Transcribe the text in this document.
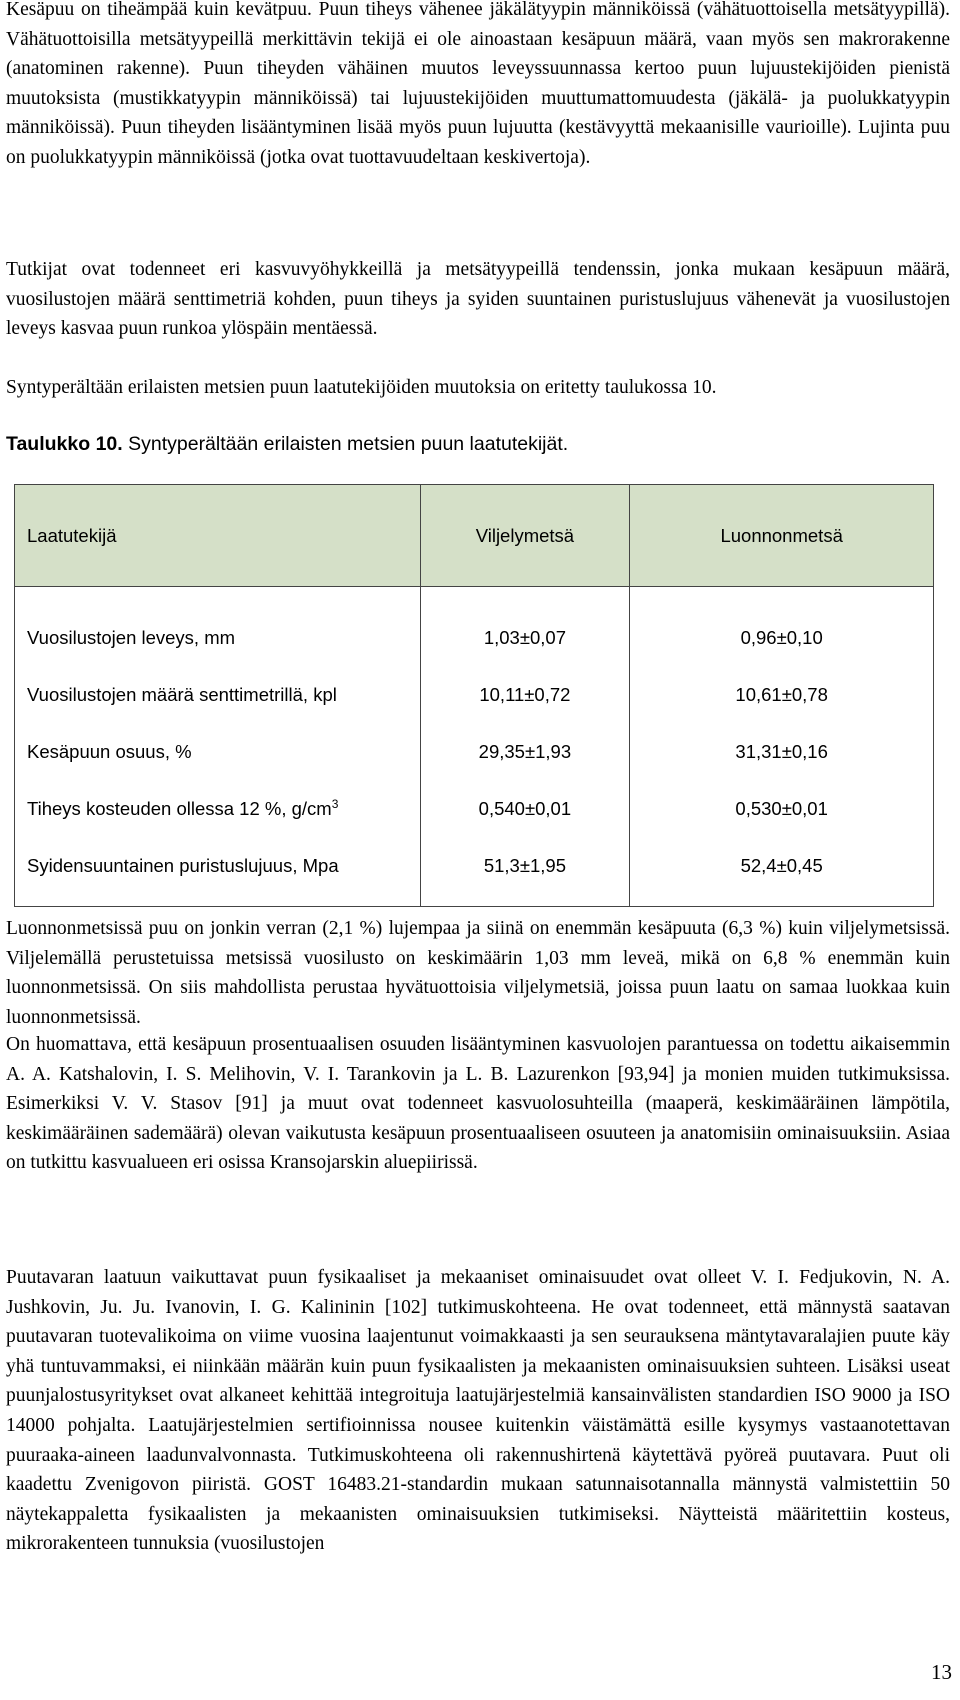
Kesäpuu on tiheämpää kuin kevätpuu. Puun tiheys vähenee jäkälätyypin männiköissä (vähätuottoisella metsätyypillä). Vähätuottoisilla metsätyypeillä merkittävin tekijä ei ole ainoastaan kesäpuun määrä, vaan myös sen makrorakenne (anatominen rakenne). Puun tiheyden vähäinen muutos leveyssuunnassa kertoo puun lujuustekijöiden pienistä muutoksista (mustikkatyypin männiköissä) tai lujuustekijöiden muuttumattomuudesta (jäkälä- ja puolukkatyypin männiköissä). Puun tiheyden lisääntyminen lisää myös puun lujuutta (kestävyyttä mekaanisille vaurioille). Lujinta puu on puolukkatyypin männiköissä (jotka ovat tuottavuudeltaan keskivertoja).

Tutkijat ovat todenneet eri kasvuvyöhykkeillä ja metsätyypeillä tendenssin, jonka mukaan kesäpuun määrä, vuosilustojen määrä senttimetriä kohden, puun tiheys ja syiden suuntainen puristuslujuus vähenevät ja vuosilustojen leveys kasvaa puun runkoa ylöspäin mentäessä.

Syntyperältään erilaisten metsien puun laatutekijöiden muutoksia on eritetty taulukossa 10.

Taulukko 10. Syntyperältään erilaisten metsien puun laatutekijät.
Laatutekijä	Viljelymetsä	Luonnonmetsä
Vuosilustojen leveys, mm	1,03±0,07	0,96±0,10
Vuosilustojen määrä senttimetrillä, kpl	10,11±0,72	10,61±0,78
Kesäpuun osuus, %	29,35±1,93	31,31±0,16
Tiheys kosteuden ollessa 12 %, $g/cm^3$	0,540±0,01	0,530±0,01
Syidensuuntainen puristuslujuus, Mpa	51,3±1,95	52,4±0,45

Luonnonmetsissä puu on jonkin verran (2,1 %) lujempaa ja siinä on enemmän kesäpuuta (6,3 %) kuin viljelymetsissä. Viljelemällä perustetuissa metsissä vuosilusto on keskimäärin 1,03 mm leveä, mikä on 6,8 % enemmän kuin luonnonmetsissä. On siis mahdollista perustaa hyvätuottoisia viljelymetsiä, joissa puun laatu on samaa luokkaa kuin luonnonmetsissä.

On huomattava, että kesäpuun prosentuaalisen osuuden lisääntyminen kasvuolojen parantuessa on todettu aikaisemmin A. A. Katshalovin, I. S. Melihovin, V. I. Tarankovin ja L. B. Lazurenkon [93,94] ja monien muiden tutkimuksissa. Esimerkiksi V. V. Stasov [91] ja muut ovat todenneet kasvuolosuhteilla (maaperä, keskimääräinen lämpötila, keskimääräinen sademäärä) olevan vaikutusta kesäpuun prosentuaaliseen osuuteen ja anatomisiin ominaisuuksiin. Asiaa on tutkittu kasvualueen eri osissa Kransojarskin aluepiirissä.

Puutavaran laatuun vaikuttavat puun fysikaaliset ja mekaaniset ominaisuudet ovat olleet V. I. Fedjukovin, N. A. Jushkovin, Ju. Ju. Ivanovin, I. G. Kalininin [102] tutkimuskohteena. He ovat todenneet, että männystä saatavan puutavaran tuotevalikoima on viime vuosina laajentunut voimakkaasti ja sen seurauksena mäntytavaralajien puute käy yhä tuntuvammaksi, ei niinkään määrän kuin puun fysikaalisten ja mekaanisten ominaisuuksien suhteen. Lisäksi useat puunjalostusyritykset ovat alkaneet kehittää integroituja laatujärjestelmiä kansainvälisten standardien ISO 9000 ja ISO 14000 pohjalta. Laatujärjestelmien sertifioinnissa nousee kuitenkin väistämättä esille kysymys vastaanotettavan puuraaka-aineen laadunvalvonnasta. Tutkimuskohteena oli rakennushirtenä käytettävä pyöreä puutavara. Puut oli kaadettu Zvenigovon piiristä. GOST 16483.21-standardin mukaan satunnaisotannalla männystä valmistettiin 50 näytekappaletta fysikaalisten ja mekaanisten ominaisuuksien tutkimiseksi. Näytteistä määritettiin kosteus, mikrorakenteen tunnuksia (vuosilustojen

13
